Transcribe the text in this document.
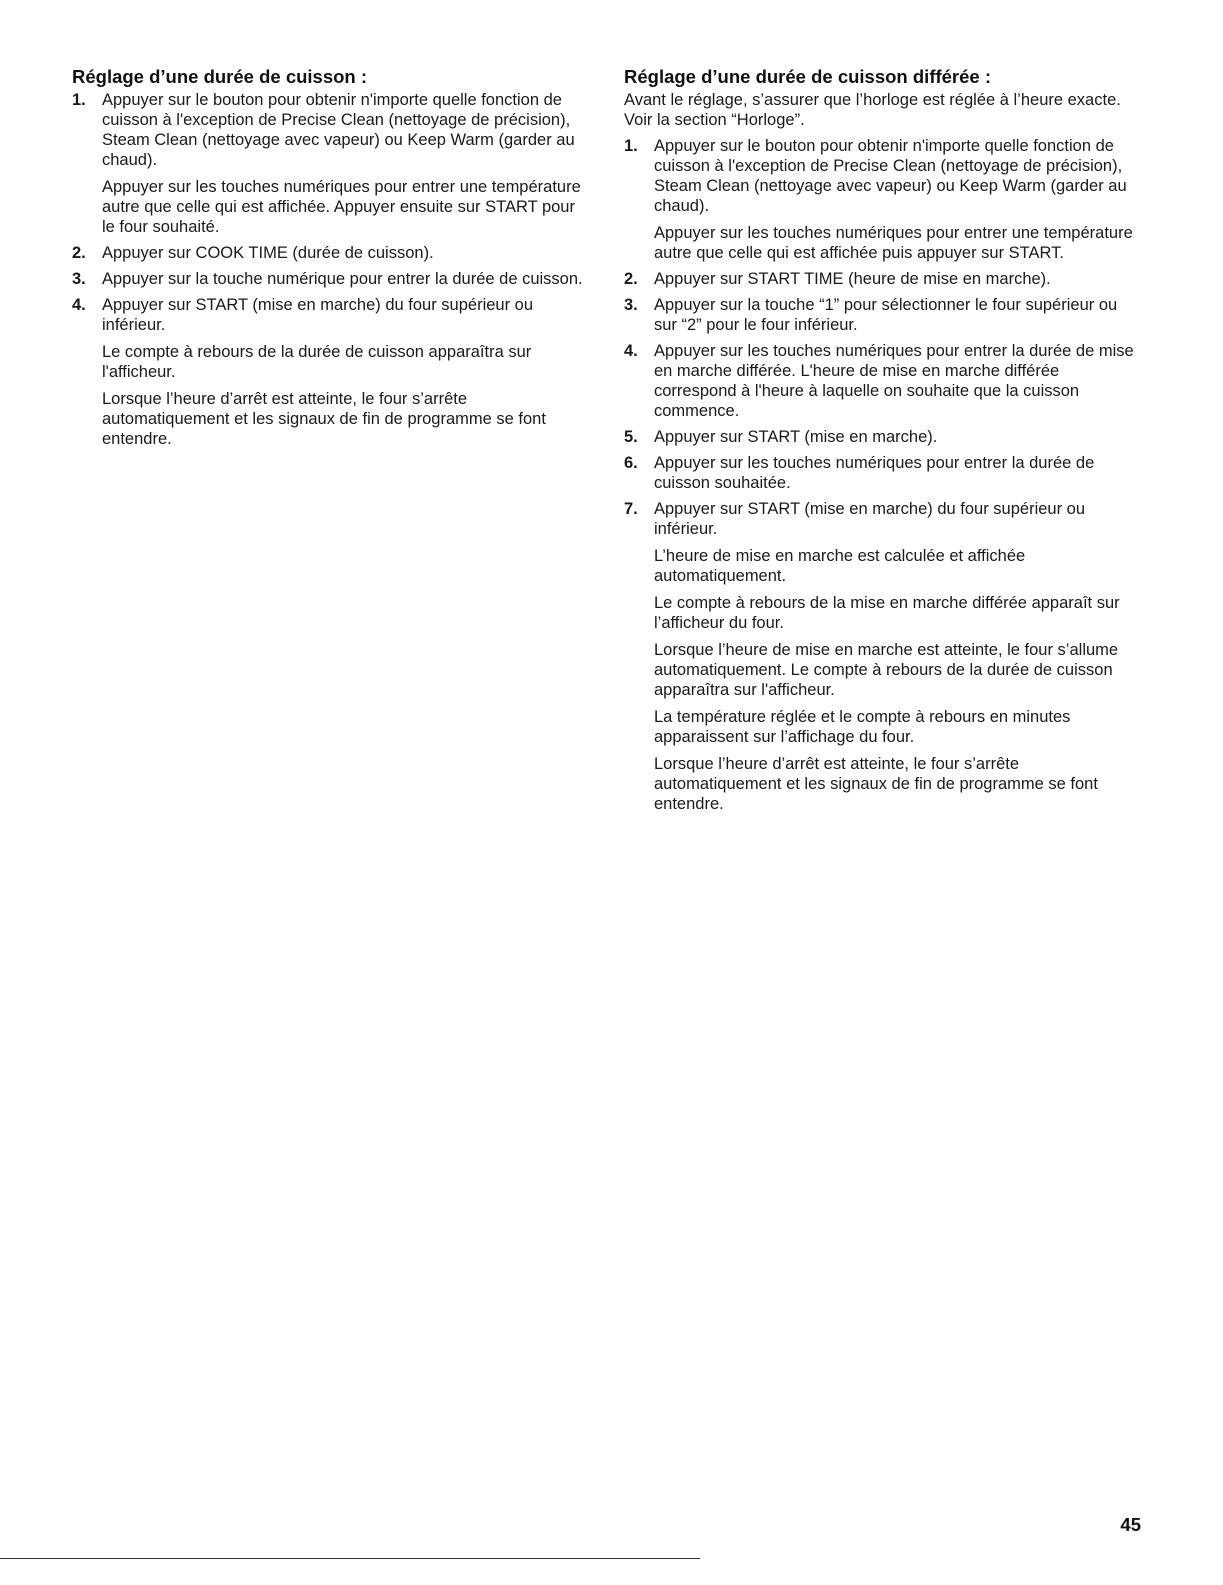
Réglage d’une durée de cuisson :
1. Appuyer sur le bouton pour obtenir n'importe quelle fonction de cuisson à l'exception de Precise Clean (nettoyage de précision), Steam Clean (nettoyage avec vapeur) ou Keep Warm (garder au chaud).

Appuyer sur les touches numériques pour entrer une température autre que celle qui est affichée. Appuyer ensuite sur START pour le four souhaité.

2. Appuyer sur COOK TIME (durée de cuisson).

3. Appuyer sur la touche numérique pour entrer la durée de cuisson.

4. Appuyer sur START (mise en marche) du four supérieur ou inférieur.

Le compte à rebours de la durée de cuisson apparaîtra sur l'afficheur.

Lorsque l’heure d’arrêt est atteinte, le four s’arrête automatiquement et les signaux de fin de programme se font entendre.

Réglage d’une durée de cuisson différée :

Avant le réglage, s’assurer que l’horloge est réglée à l’heure exacte. Voir la section “Horloge”.

1. Appuyer sur le bouton pour obtenir n'importe quelle fonction de cuisson à l'exception de Precise Clean (nettoyage de précision), Steam Clean (nettoyage avec vapeur) ou Keep Warm (garder au chaud).

Appuyer sur les touches numériques pour entrer une température autre que celle qui est affichée puis appuyer sur START.

2. Appuyer sur START TIME (heure de mise en marche).

3. Appuyer sur la touche “1” pour sélectionner le four supérieur ou sur “2” pour le four inférieur.

4. Appuyer sur les touches numériques pour entrer la durée de mise en marche différée. L'heure de mise en marche différée correspond à l'heure à laquelle on souhaite que la cuisson commence.

5. Appuyer sur START (mise en marche).

6. Appuyer sur les touches numériques pour entrer la durée de cuisson souhaitée.

7. Appuyer sur START (mise en marche) du four supérieur ou inférieur.

L’heure de mise en marche est calculée et affichée automatiquement.

Le compte à rebours de la mise en marche différée apparaît sur l’afficheur du four.

Lorsque l’heure de mise en marche est atteinte, le four s’allume automatiquement. Le compte à rebours de la durée de cuisson apparaîtra sur l'afficheur.

La température réglée et le compte à rebours en minutes apparaissent sur l’affichage du four.

Lorsque l’heure d’arrêt est atteinte, le four s’arrête automatiquement et les signaux de fin de programme se font entendre.

45
